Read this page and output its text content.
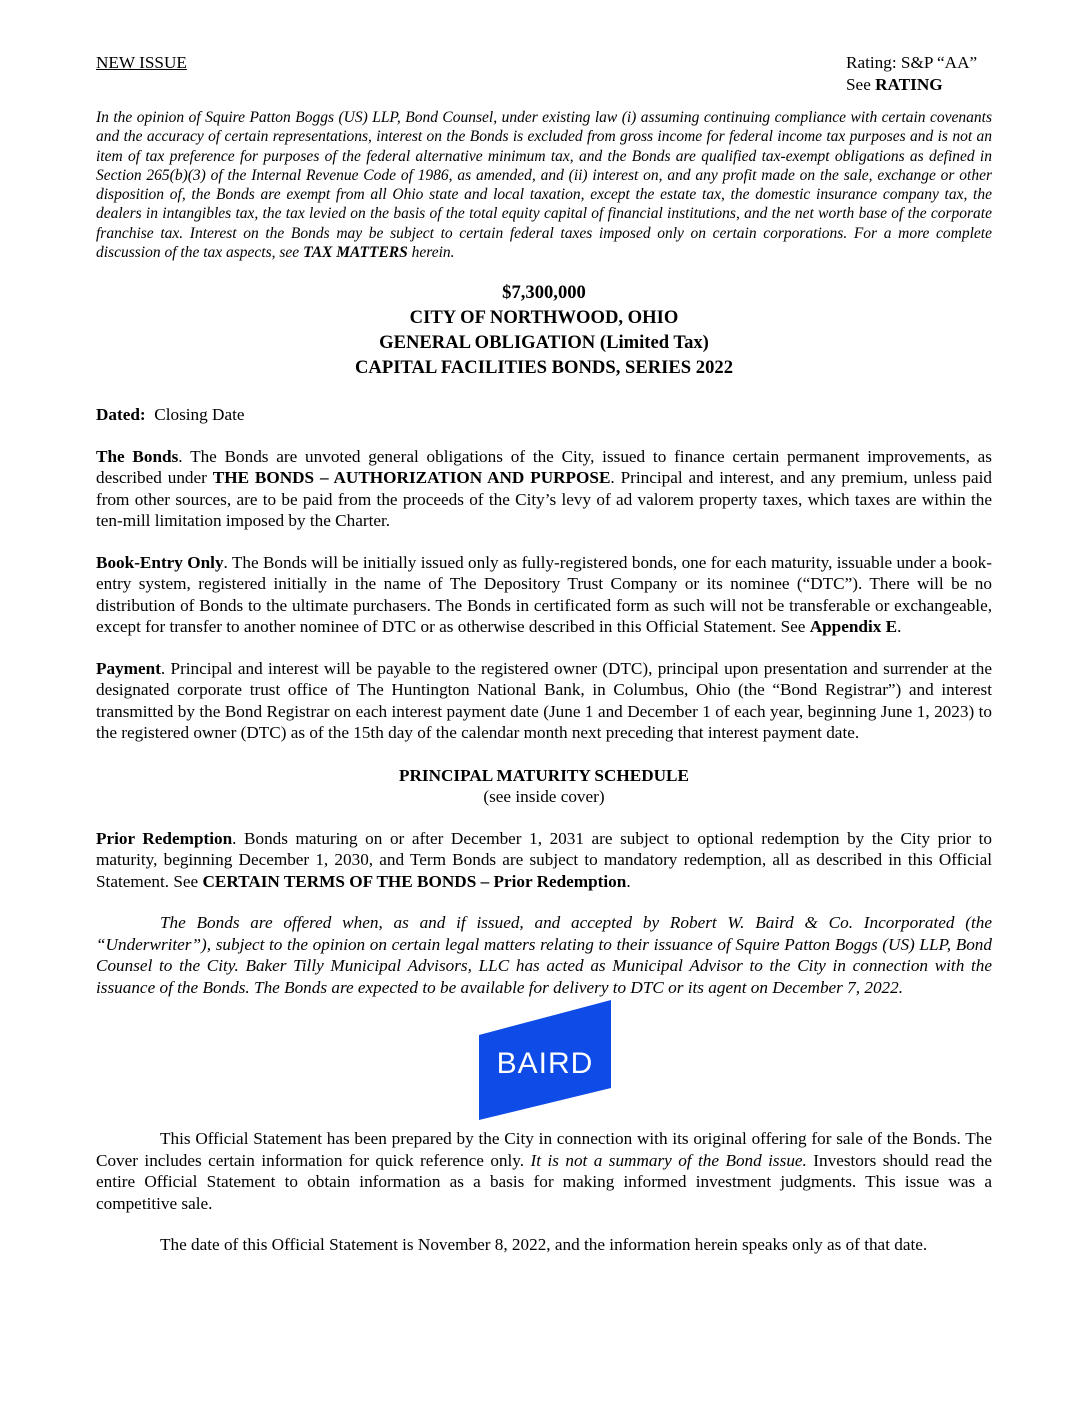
NEW ISSUE	Rating: S&P “AA”
See RATING
In the opinion of Squire Patton Boggs (US) LLP, Bond Counsel, under existing law (i) assuming continuing compliance with certain covenants and the accuracy of certain representations, interest on the Bonds is excluded from gross income for federal income tax purposes and is not an item of tax preference for purposes of the federal alternative minimum tax, and the Bonds are qualified tax-exempt obligations as defined in Section 265(b)(3) of the Internal Revenue Code of 1986, as amended, and (ii) interest on, and any profit made on the sale, exchange or other disposition of, the Bonds are exempt from all Ohio state and local taxation, except the estate tax, the domestic insurance company tax, the dealers in intangibles tax, the tax levied on the basis of the total equity capital of financial institutions, and the net worth base of the corporate franchise tax. Interest on the Bonds may be subject to certain federal taxes imposed only on certain corporations. For a more complete discussion of the tax aspects, see TAX MATTERS herein.
$7,300,000
CITY OF NORTHWOOD, OHIO
GENERAL OBLIGATION (Limited Tax)
CAPITAL FACILITIES BONDS, SERIES 2022
Dated:  Closing Date
The Bonds. The Bonds are unvoted general obligations of the City, issued to finance certain permanent improvements, as described under THE BONDS – AUTHORIZATION AND PURPOSE. Principal and interest, and any premium, unless paid from other sources, are to be paid from the proceeds of the City’s levy of ad valorem property taxes, which taxes are within the ten-mill limitation imposed by the Charter.
Book-Entry Only. The Bonds will be initially issued only as fully-registered bonds, one for each maturity, issuable under a book-entry system, registered initially in the name of The Depository Trust Company or its nominee (“DTC”). There will be no distribution of Bonds to the ultimate purchasers. The Bonds in certificated form as such will not be transferable or exchangeable, except for transfer to another nominee of DTC or as otherwise described in this Official Statement. See Appendix E.
Payment. Principal and interest will be payable to the registered owner (DTC), principal upon presentation and surrender at the designated corporate trust office of The Huntington National Bank, in Columbus, Ohio (the “Bond Registrar”) and interest transmitted by the Bond Registrar on each interest payment date (June 1 and December 1 of each year, beginning June 1, 2023) to the registered owner (DTC) as of the 15th day of the calendar month next preceding that interest payment date.
PRINCIPAL MATURITY SCHEDULE
(see inside cover)
Prior Redemption. Bonds maturing on or after December 1, 2031 are subject to optional redemption by the City prior to maturity, beginning December 1, 2030, and Term Bonds are subject to mandatory redemption, all as described in this Official Statement. See CERTAIN TERMS OF THE BONDS – Prior Redemption.
The Bonds are offered when, as and if issued, and accepted by Robert W. Baird & Co. Incorporated (the “Underwriter”), subject to the opinion on certain legal matters relating to their issuance of Squire Patton Boggs (US) LLP, Bond Counsel to the City. Baker Tilly Municipal Advisors, LLC has acted as Municipal Advisor to the City in connection with the issuance of the Bonds. The Bonds are expected to be available for delivery to DTC or its agent on December 7, 2022.
BAIRD
This Official Statement has been prepared by the City in connection with its original offering for sale of the Bonds. The Cover includes certain information for quick reference only. It is not a summary of the Bond issue. Investors should read the entire Official Statement to obtain information as a basis for making informed investment judgments. This issue was a competitive sale.
The date of this Official Statement is November 8, 2022, and the information herein speaks only as of that date.
